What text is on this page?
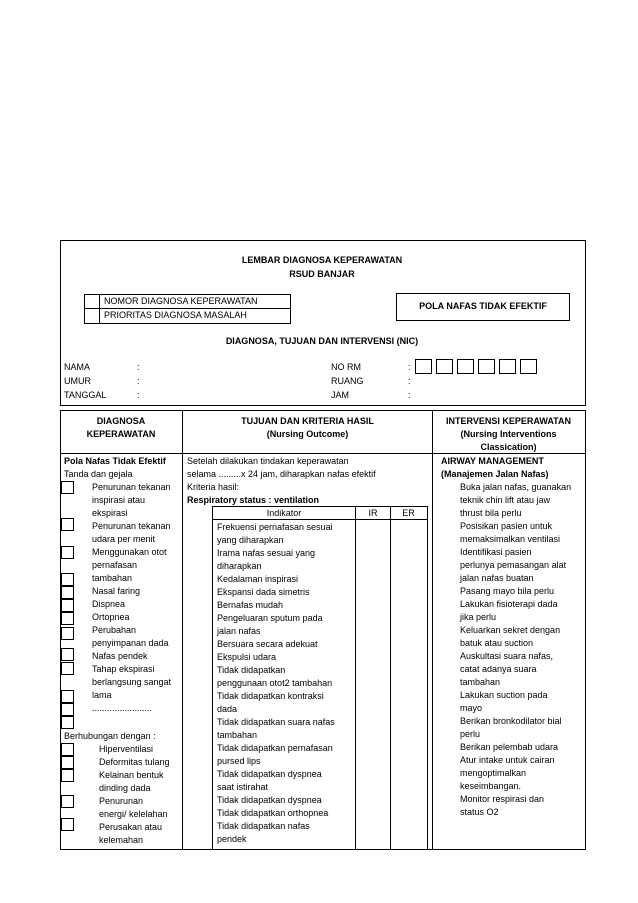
LEMBAR DIAGNOSA KEPERAWATAN
RSUD BANJAR
NOMOR DIAGNOSA KEPERAWATAN
PRIORITAS DIAGNOSA MASALAH
POLA NAFAS TIDAK EFEKTIF
DIAGNOSA, TUJUAN DAN INTERVENSI (NIC)
NAMA
UMUR
TANGGAL
:
:
:
NO RM
RUANG
JAM
:
:
:
DIAGNOSA
KEPERAWATAN
TUJUAN DAN KRITERIA HASIL
(Nursing Outcome)
INTERVENSI KEPERAWATAN
(Nursing Interventions
Classication)
Pola Nafas Tidak Efektif
Tanda dan gejala
Penurunan tekanan
inspirasi atau
ekspirasi
Penurunan tekanan
udara per menit
Menggunakan otot
pernafasan
tambahan
Nasal faring
Dispnea
Ortopnea
Perubahan
penyimpanan dada
Nafas pendek
Tahap ekspirasi
berlangsung sangat
lama
........................
Berhubungan dengan :
Hiperventilasi
Deformitas tulang
Kelainan bentuk
dinding dada
Penurunan
energi/ kelelahan
Perusakan atau
kelemahan
Setelah dilakukan tindakan keperawatan
selama .........x 24 jam, diharapkan nafas efektif
Kriteria hasil:
Respiratory status : ventilation
Indikator	IR	ER
Frekuensi pernafasan sesuai
yang diharapkan
Irama nafas sesuai yang
diharapkan
Kedalaman inspirasi
Ekspansi dada simetris
Bernafas mudah
Pengeluaran sputum pada
jalan nafas
Bersuara secara adekuat
Ekspulsi udara
Tidak didapatkan
penggunaan otot2 tambahan
Tidak didapatkan kontraksi
dada
Tidak didapatkan suara nafas
tambahan
Tidak didapatkan pernafasan
pursed lips
Tidak didapatkan dyspnea
saat istirahat
Tidak didapatkan dyspnea
Tidak didapatkan orthopnea
Tidak didapatkan nafas
pendek
AIRWAY MANAGEMENT
(Manajemen Jalan Nafas)
Buka jalan nafas, guanakan
teknik chin lift atau jaw
thrust bila perlu
Posisikan pasien untuk
memaksimalkan ventilasi
Identifikasi pasien
perlunya pemasangan alat
jalan nafas buatan
Pasang mayo bila perlu
Lakukan fisioterapi dada
jika perlu
Keluarkan sekret dengan
batuk atau suction
Auskultasi suara nafas,
catat adanya suara
tambahan
Lakukan suction pada
mayo
Berikan bronkodilator bial
perlu
Berikan pelembab udara
Atur intake untuk cairan
mengoptimalkan
keseimbangan.
Monitor respirasi dan
status O2
